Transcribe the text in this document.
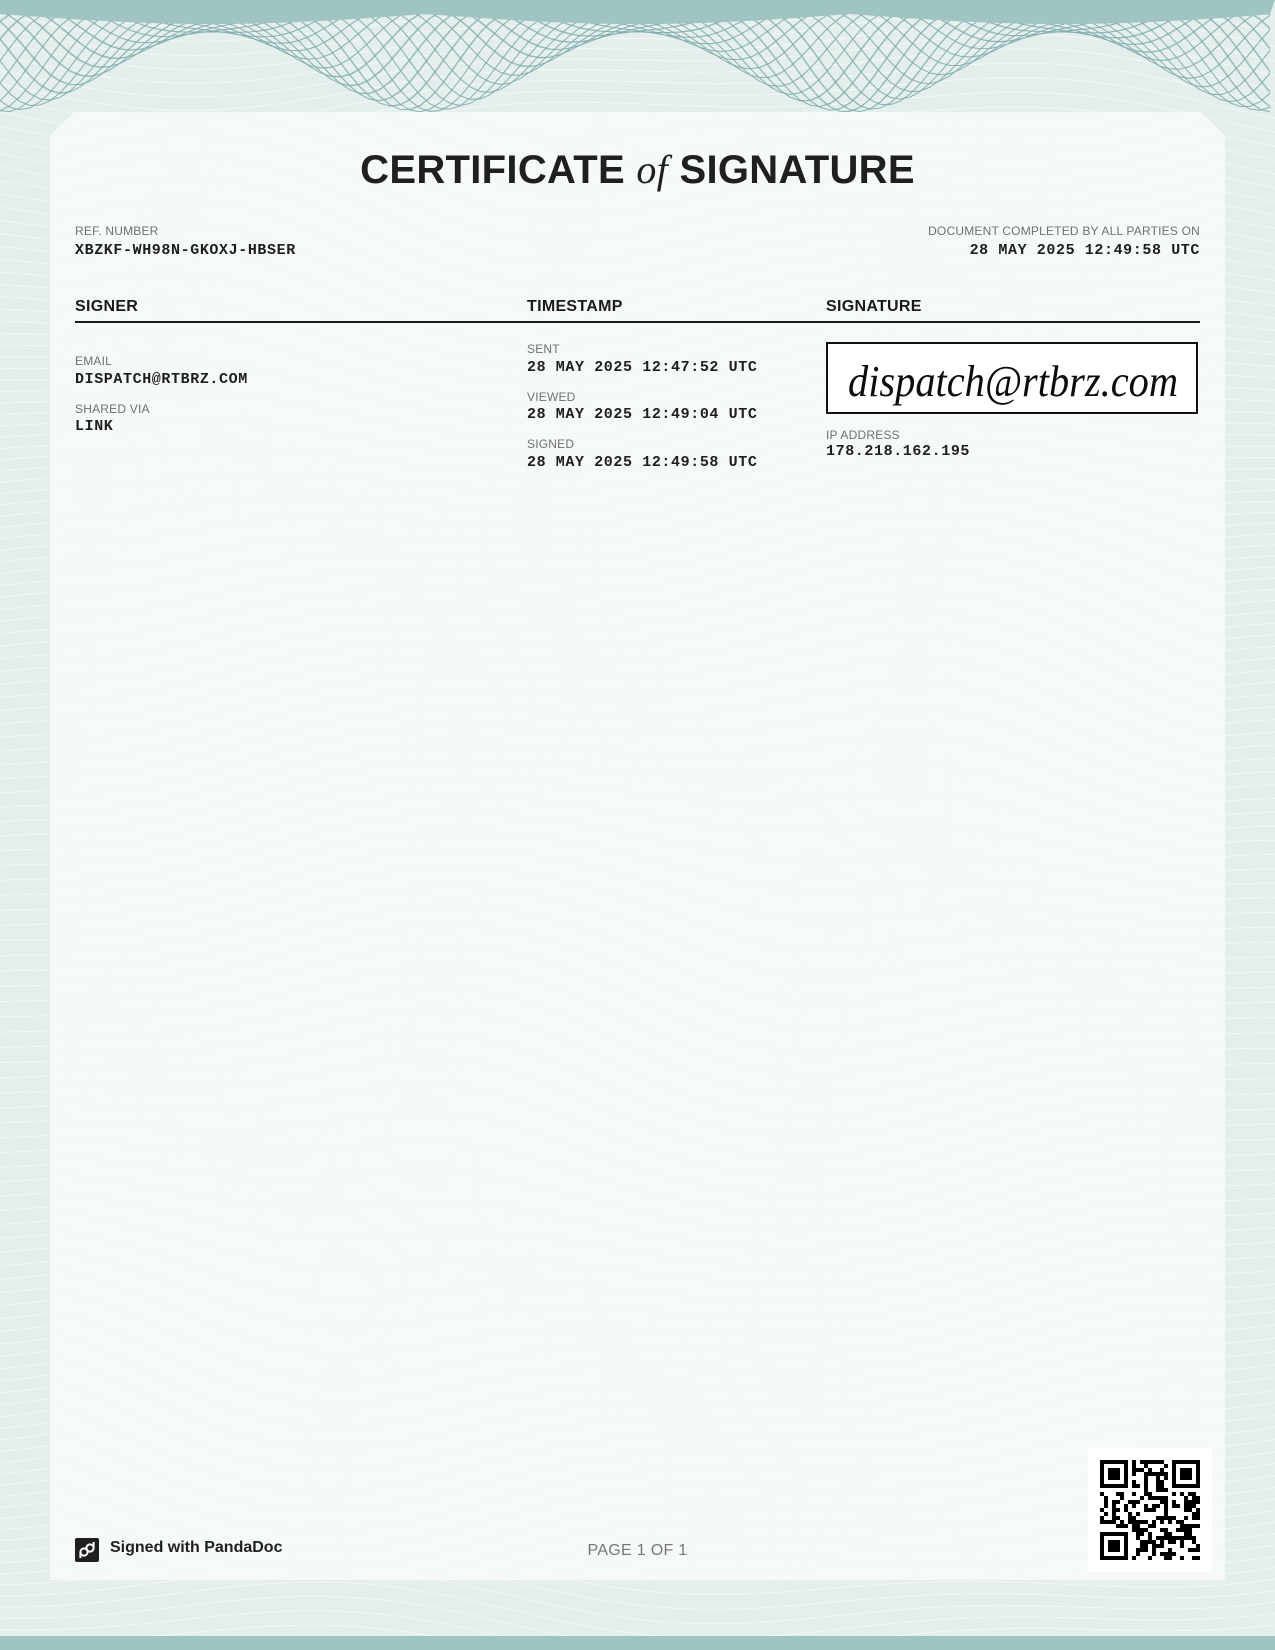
CERTIFICATE of SIGNATURE
REF. NUMBER
XBZKF-WH98N-GKOXJ-HBSER
DOCUMENT COMPLETED BY ALL PARTIES ON
28 MAY 2025 12:49:58 UTC
SIGNER	TIMESTAMP	SIGNATURE
EMAIL
DISPATCH@RTBRZ.COM
SHARED VIA
LINK
SENT
28 MAY 2025 12:47:52 UTC
VIEWED
28 MAY 2025 12:49:04 UTC
SIGNED
28 MAY 2025 12:49:58 UTC
dispatch@rtbrz.com
IP ADDRESS
178.218.162.195
Signed with PandaDoc	PAGE 1 OF 1
